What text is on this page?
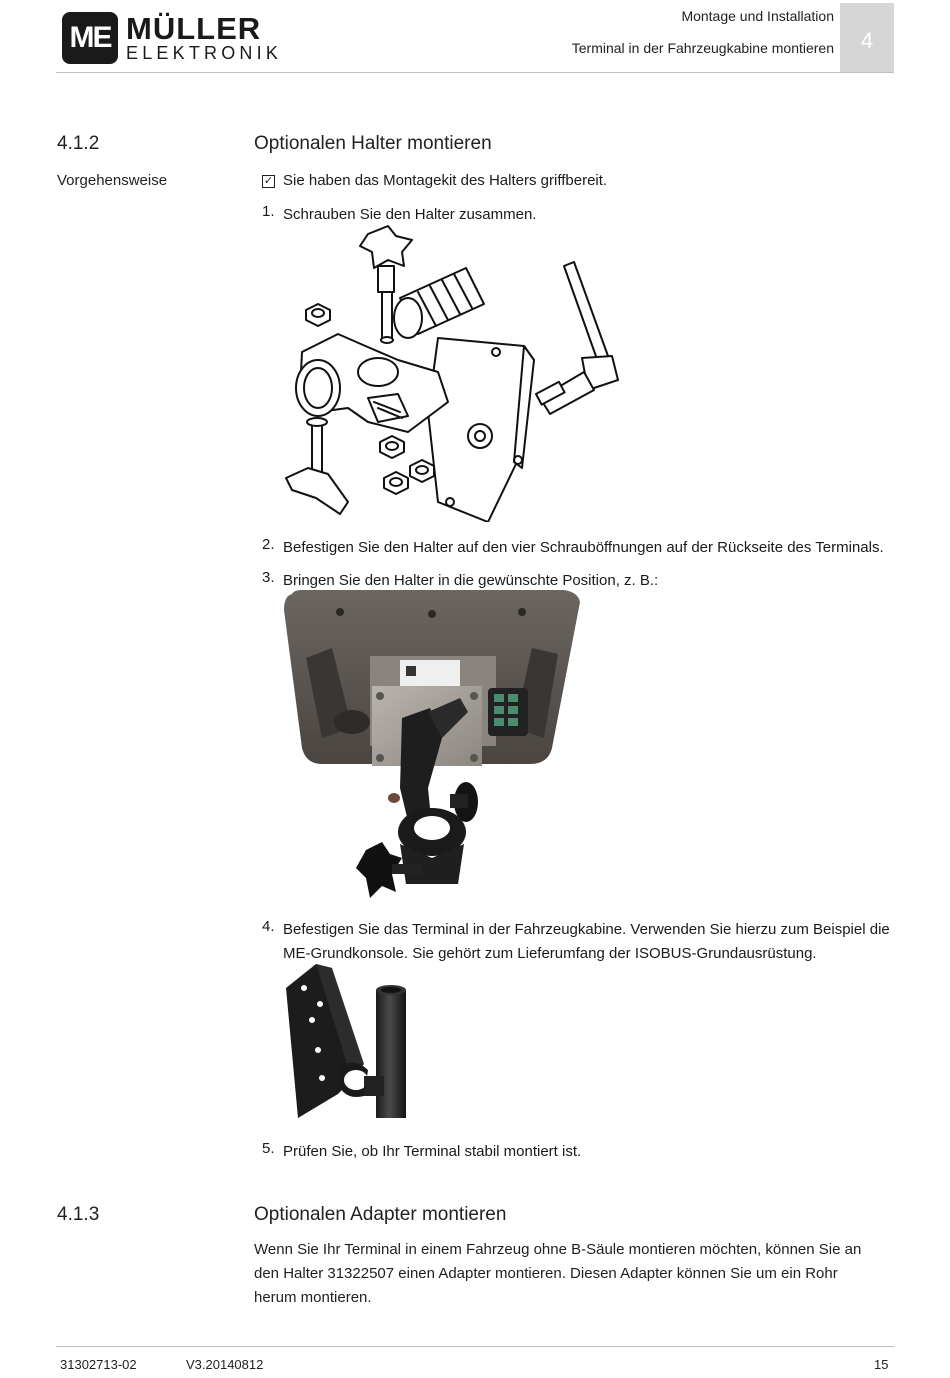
ME MÜLLER
ELEKTRONIK
Montage und Installation
Terminal in der Fahrzeugkabine montieren	4
4.1.2	Optionalen Halter montieren
Vorgehensweise	✓ Sie haben das Montagekit des Halters griffbereit.
1. Schrauben Sie den Halter zusammen.
2. Befestigen Sie den Halter auf den vier Schrauböffnungen auf der Rückseite des Terminals.
3. Bringen Sie den Halter in die gewünschte Position, z. B.:
4. Befestigen Sie das Terminal in der Fahrzeugkabine. Verwenden Sie hierzu zum Beispiel die ME-Grundkonsole. Sie gehört zum Lieferumfang der ISOBUS-Grundausrüstung.
5. Prüfen Sie, ob Ihr Terminal stabil montiert ist.
4.1.3	Optionalen Adapter montieren
Wenn Sie Ihr Terminal in einem Fahrzeug ohne B-Säule montieren möchten, können Sie an den Halter 31322507 einen Adapter montieren. Diesen Adapter können Sie um ein Rohr herum montieren.
31302713-02	V3.20140812	15
